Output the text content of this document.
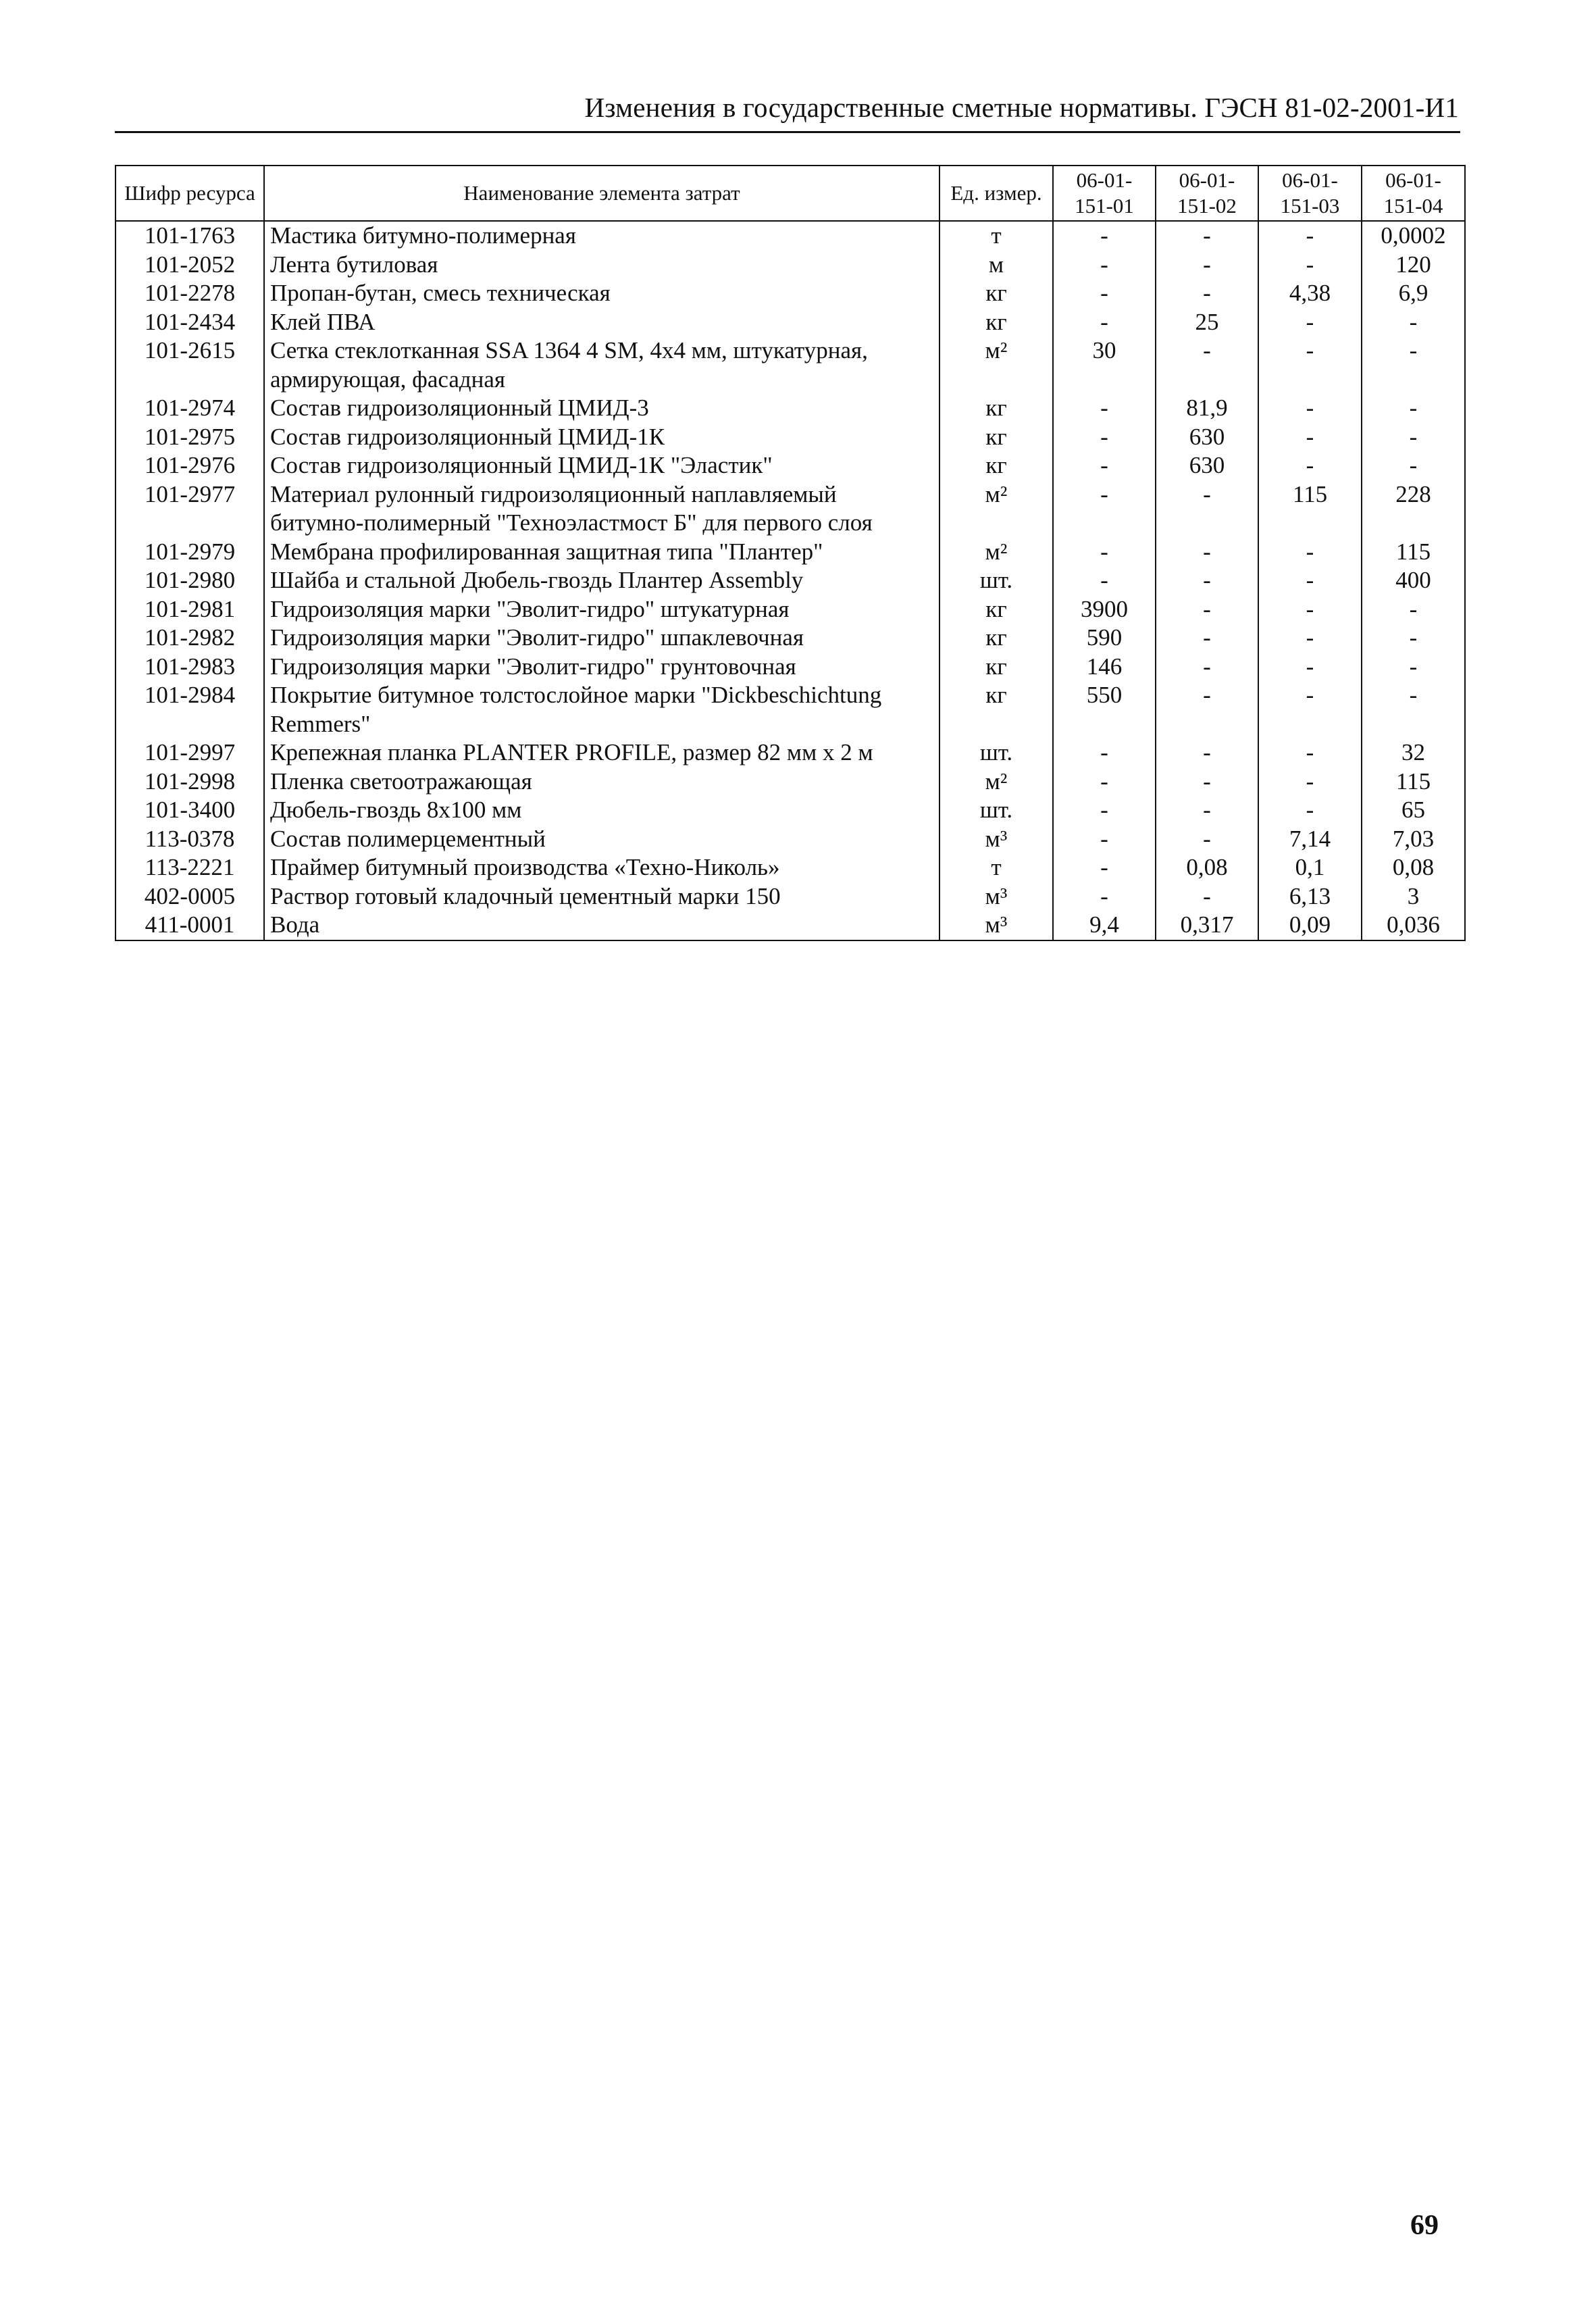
Изменения в государственные сметные нормативы. ГЭСН 81-02-2001-И1
Шифр ресурса	Наименование элемента затрат	Ед. измер.	06-01-151-01	06-01-151-02	06-01-151-03	06-01-151-04
101-1763	Мастика битумно-полимерная	т	-	-	-	0,0002
101-2052	Лента бутиловая	м	-	-	-	120
101-2278	Пропан-бутан, смесь техническая	кг	-	-	4,38	6,9
101-2434	Клей ПВА	кг	-	25	-	-
101-2615	Сетка стеклотканная SSA 1364 4 SM, 4х4 мм, штукатурная, армирующая, фасадная	м²	30	-	-	-
101-2974	Состав гидроизоляционный ЦМИД-3	кг	-	81,9	-	-
101-2975	Состав гидроизоляционный ЦМИД-1К	кг	-	630	-	-
101-2976	Состав гидроизоляционный ЦМИД-1К "Эластик"	кг	-	630	-	-
101-2977	Материал рулонный гидроизоляционный наплавляемый битумно-полимерный "Техноэластмост Б" для первого слоя	м²	-	-	115	228
101-2979	Мембрана профилированная защитная типа "Плантер"	м²	-	-	-	115
101-2980	Шайба и стальной Дюбель-гвоздь Плантер Assembly	шт.	-	-	-	400
101-2981	Гидроизоляция марки "Эволит-гидро" штукатурная	кг	3900	-	-	-
101-2982	Гидроизоляция марки "Эволит-гидро" шпаклевочная	кг	590	-	-	-
101-2983	Гидроизоляция марки "Эволит-гидро" грунтовочная	кг	146	-	-	-
101-2984	Покрытие битумное толстослойное марки "Dickbeschichtung Remmers"	кг	550	-	-	-
101-2997	Крепежная планка PLANTER PROFILE, размер 82 мм х 2 м	шт.	-	-	-	32
101-2998	Пленка светоотражающая	м²	-	-	-	115
101-3400	Дюбель-гвоздь 8х100 мм	шт.	-	-	-	65
113-0378	Состав полимерцементный	м³	-	-	7,14	7,03
113-2221	Праймер битумный производства «Техно-Николь»	т	-	0,08	0,1	0,08
402-0005	Раствор готовый кладочный цементный марки 150	м³	-	-	6,13	3
411-0001	Вода	м³	9,4	0,317	0,09	0,036
69
